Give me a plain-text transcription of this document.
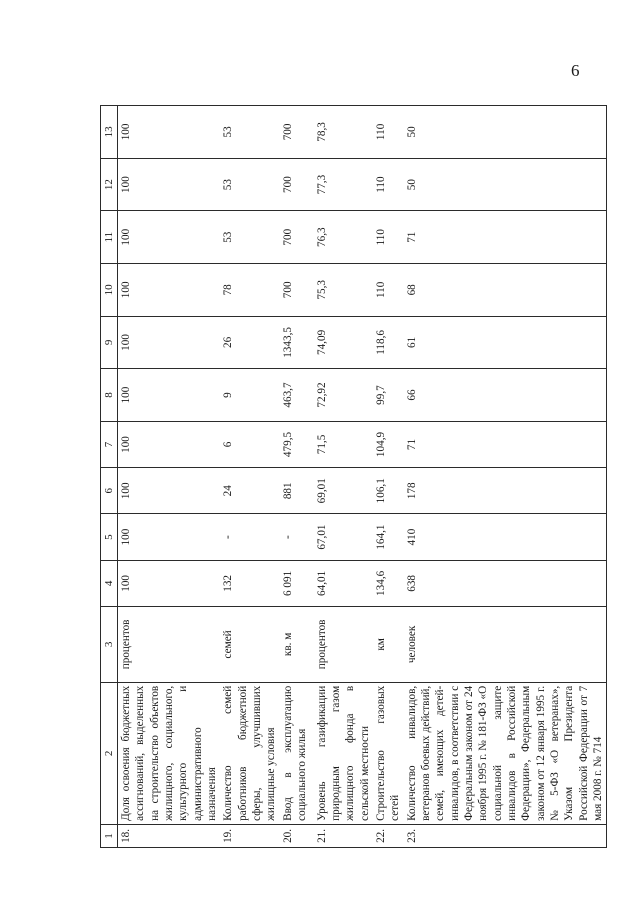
6
1	2	3	4	5	6	7	8	9	10	11	12	13
18.	Доля освоения бюджетных ассигнований, выделенных на строительство объектов жилищного, социального, культурного и административного назначения	процентов	100	100	100	100	100	100	100	100	100	100
19.	Количество семей работников бюджетной сферы, улучшивших жилищные условия	семей	132	-	24	6	9	26	78	53	53	53
20.	Ввод в эксплуатацию социального жилья	кв. м	6 091	-	881	479,5	463,7	1343,5	700	700	700	700
21.	Уровень газификации природным газом жилищного фонда в сельской местности	процентов	64,01	67,01	69,01	71,5	72,92	74,09	75,3	76,3	77,3	78,3
22.	Строительство газовых сетей	км	134,6	164,1	106,1	104,9	99,7	118,6	110	110	110	110
23.	Количество инвалидов, ветеранов боевых действий, семей, имеющих детей-инвалидов, в соответствии с Федеральным законом от 24 ноября 1995 г. № 181-ФЗ «О социальной защите инвалидов в Российской Федерации», Федеральным законом от 12 января 1995 г. № 5-ФЗ «О ветеранах», Указом Президента Российской Федерации от 7 мая 2008 г. № 714	человек	638	410	178	71	66	61	68	71	50	50
